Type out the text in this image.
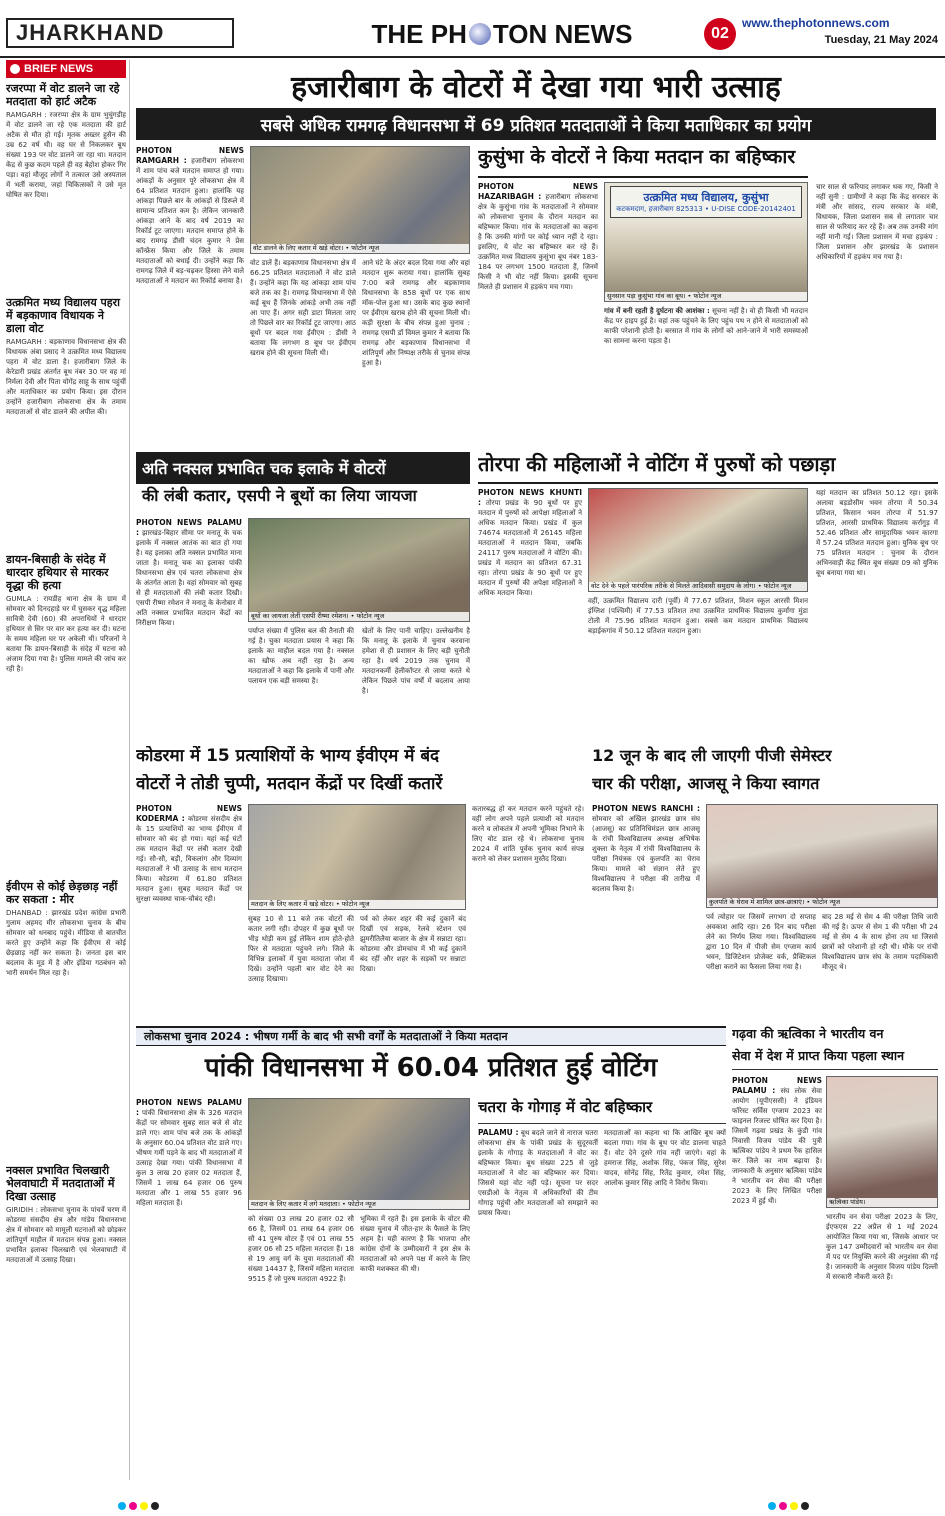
JHARKHAND	THE PH TON NEWS	02
www.thephotonnews.com
Tuesday, 21 May 2024
BRIEF NEWS
रजरप्पा में वोट डालने जा रहे मतदाता को हार्ट अटैक
RAMGARH : रजरप्पा क्षेत्र के ग्राम भुचुंगडीह में वोट डालने जा रहे एक मतदाता की हार्ट अटैक से मौत हो गई। मृतक अख्तर हुसैन की उम्र 62 वर्ष थी। वह घर से निकलकर बूथ संख्या 193 पर वोट डालने जा रहा था। मतदान केंद्र से कुछ कदम पहले ही वह बेहोश होकर गिर पड़ा। वहां मौजूद लोगों ने तत्काल उसे अस्पताल में भर्ती कराया, जहां चिकित्सकों ने उसे मृत घोषित कर दिया।
उत्क्रमित मध्य विद्यालय पहरा में बड़काणाव विधायक ने डाला वोट
RAMGARH : बड़काणाव विधानसभा क्षेत्र की विधायक अंबा प्रसाद ने उत्क्रमित मध्य विद्यालय पहरा में वोट डाला है। हजारीबाग जिले के केरेडारी प्रखंड अंतर्गत बूथ नंबर 30 पर वह मां निर्मला देवी और पिता योगेंद्र साहू के साथ पहुंचीं और मताधिकार का प्रयोग किया। इस दौरान उन्होंने हजारीबाग लोकसभा क्षेत्र के तमाम मतदाताओं से वोट डालने की अपील की।
डायन-बिसाही के संदेह में धारदार हथियार से मारकर वृद्धा की हत्या
GUMLA : रायडीह थाना क्षेत्र के ग्राम में सोमवार को दिनदहाड़े घर में घुसकर वृद्ध महिला सावित्री देवी (60) की अपराधियों ने धारदार हथियार से सिर पर वार कर हत्या कर दी। घटना के समय महिला घर पर अकेली थी। परिजनों ने बताया कि डायन-बिसाही के संदेह में घटना को अंजाम दिया गया है। पुलिस मामले की जांच कर रही है।
ईवीएम से कोई छेड़छाड़ नहीं कर सकता : मीर
DHANBAD : झारखंड प्रदेश कांग्रेस प्रभारी गुलाम अहमद मीर लोकसभा चुनाव के बीच सोमवार को धनबाद पहुंचे। मीडिया से बातचीत करते हुए उन्होंने कहा कि ईवीएम से कोई छेड़छाड़ नहीं कर सकता है। जनता इस बार बदलाव के मूड में है और इंडिया गठबंधन को भारी समर्थन मिल रहा है।
नक्सल प्रभावित चिलखारी भेलवाघाटी में मतदाताओं में दिखा उत्साह
GIRIDIH : लोकसभा चुनाव के पांचवें चरण में कोडरमा संसदीय क्षेत्र और गांडेय विधानसभा क्षेत्र में सोमवार को मामूली घटनाओं को छोड़कर शांतिपूर्ण माहौल में मतदान संपन्न हुआ। नक्सल प्रभावित इलाका चिलखारी एवं भेलवाघाटी में मतदाताओं में उत्साह दिखा।
हजारीबाग के वोटरों में देखा गया भारी उत्साह
सबसे अधिक रामगढ़ विधानसभा में 69 प्रतिशत मतदाताओं ने किया मताधिकार का प्रयोग
PHOTON NEWS RAMGARH : हजारीबाग लोकसभा में शाम पांच बजे मतदान समाप्त हो गया। आंकड़ों के अनुसार पूरे लोकसभा क्षेत्र में 64 प्रतिशत मतदान हुआ। हालांकि यह आंकड़ा पिछले बार के आंकड़ों से डिस्प्ले में सामान्य प्रतिशत कम है। लेकिन जानकारी आंकड़ा आने के बाद वर्ष 2019 का रिकॉर्ड टूट जाएगा। मतदान समाप्त होने के बाद रामगढ़ डीसी चंदन कुमार ने प्रेस कॉन्फ्रेंस किया और जिले के तमाम मतदाताओं को बधाई दी। उन्होंने कहा कि रामगढ़ जिले में बड़-चढ़कर हिस्सा लेने वाले मतदाताओं ने मतदान का रिकॉर्ड बनाया है।
वोट डालने के लिए कतार में खड़े वोटर। • फोटोन न्यूज
वोट डालें हैं। बड़काणाव विधानसभा क्षेत्र में 66.25 प्रतिशत मतदाताओं ने वोट डाले हैं। उन्होंने कहा कि यह आंकड़ा शाम पांच बजे तक का है। रामगढ़ विधानसभा में ऐसे कई बूथ हैं जिनके आंकड़े अभी तक नहीं आ पाए हैं। अगर सही डाटा मिलता जाए तो पिछले वार का रिकॉर्ड टूट जाएगा। आठ बूथों पर बदल गया ईवीएम : डीसी ने बताया कि लगभग 8 बूथ पर ईवीएम खराब होने की सूचना मिली थी।
आने घंटे के अंदर बदल दिया गया और वहां मतदान शुरू कराया गया। हालांकि सुबह 7:00 बजे रामगढ़ और बड़काणाव विधानसभा के 858 बूथों पर एक साथ मॉक-पोल हुआ था। उसके बाद कुछ स्थानों पर ईवीएम खराब होने की सूचना मिली थी। कड़ी सुरक्षा के बीच संपन्न हुआ चुनाव : रामगढ़ एसपी डॉ विमल कुमार ने बताया कि रामगढ़ और बड़काणाव विधानसभा में शांतिपूर्ण और निष्पक्ष तरीके से चुनाव संपन्न हुआ है।
कुसुंभा के वोटरों ने किया मतदान का बहिष्कार
PHOTON NEWS HAZARIBAGH : हजारीबाग लोकसभा क्षेत्र के कुसुंभा गांव के मतदाताओं ने सोमवार को लोकसभा चुनाव के दौरान मतदान का बहिष्कार किया। गांव के मतदाताओं का कहना है कि उनकी मांगों पर कोई ध्यान नहीं दे रहा। इसलिए, ये वोट का बहिष्कार कर रहे हैं। उत्क्रमित मध्य विद्यालय कुसुंभा बूथ नंबर 183-184 पर लगभग 1500 मतदाता हैं, जिनमें किसी ने भी वोट नहीं किया। इसकी सूचना मिलते ही प्रशासन में हड़कंप मच गया।
सुनसान पड़ा कुसुंभा गांव का बूथ। • फोटोन न्यूज
उत्क्रमित मध्य विद्यालय, कुसुंभा
कटकमदाग, हजारीबाग 825313 • U-DISE CODE-20142401
गांव में बनी रहती है दुर्घटना की आशंका : सूचना नहीं है। वो ही किसी भी मतदान केंद्र पर हाइप हुई है। वहां तक पहुंचने के लिए पहुंच पथ न होने से मतदाताओं को काफी परेशानी होती है। बरसात में गांव के लोगों को आने-जाने में भारी समस्याओं का सामना करना पड़ता है।
चार साल से फरियाद लगाकर थक गए, किसी ने नहीं सुनी : ग्रामीणों ने कहा कि केंद्र सरकार के मंत्री और सांसद, राज्य सरकार के मंत्री, विधायक, जिला प्रशासन सब से लगातार चार साल से फरियाद कर रहे हैं। अब तक उनकी मांग नहीं मानी गई। जिला प्रशासन में मचा हड़कंप : जिला प्रशासन और झारखंड के प्रशासन अधिकारियों में हड़कंप मच गया है।
अति नक्सल प्रभावित चक इलाके में वोटरों
की लंबी कतार, एसपी ने बूथों का लिया जायजा
PHOTON NEWS PALAMU : झारखंड-बिहार सीमा पर मनातू के चक इलाके में नक्सल आतंक का बात हो गया है। यह इलाका अति नक्सल प्रभावित माना जाता है। मनातू चक का इलाका पांकी विधानसभा क्षेत्र एवं चतरा लोकसभा क्षेत्र के अंतर्गत आता है। वहां सोमवार को सुबह से ही मतदाताओं की लंबी कतार दिखी। एसपी रीष्मा रमेशन ने मनातू के केनोबार में अति नक्सल प्रभावित मतदान केंद्रों का निरीक्षण किया।
बूथों का जायजा लेतीं एसपी रीष्मा रमेशन। • फोटोन न्यूज
पर्याप्त संख्या में पुलिस बल की तैनाती की गई है। चुका मतदाता प्रयास ने कहा कि इलाके का माहौल बदल गया है। नक्सल का खौफ अब नहीं रहा है। अन्य मतदाताओं ने कहा कि इलाके में पानी और पलायन एक बड़ी समस्या है।
खेतों के लिए पानी चाहिए। उल्लेखनीय है कि मनातू के इलाके में चुनाव करवाना हमेशा से ही प्रशासन के लिए बड़ी चुनौती रहा है। वर्ष 2019 तक चुनाव में मतदानकर्मी हेलीकॉप्टर से जाया करते थे लेकिन पिछले पांच वर्षों में बदलाव आया है।
तोरपा की महिलाओं ने वोटिंग में पुरुषों को पछाड़ा
PHOTON NEWS KHUNTI : तोरपा प्रखंड के 90 बूथों पर हुए मतदान में पुरुषों को आपेक्षा महिलाओं ने अधिक मतदान किया। प्रखंड में कुल 74674 मतदाताओं में 26145 महिला मतदाताओं ने मतदान किया, जबकि 24117 पुरुष मतदाताओं ने वोटिंग की। प्रखंड में मतदान का प्रतिशत 67.31 रहा। तोरपा प्रखंड के 90 बूथों पर हुए मतदान में पुरुषों की अपेक्षा महिलाओं ने अधिक मतदान किया।
वोट देने के पहले पारंपरिक तरीके से मिलते आदिवासी समुदाय के लोग। • फोटोन न्यूज
वहीं, उत्क्रमित विद्यालय दारी (पूर्वी) में 77.67 प्रतिशत, मिशन स्कूल आरसी मिशन इंग्लिश (पश्चिमी) में 77.53 प्रतिशत तथा उत्क्रमित प्राथमिक विद्यालय कुर्मांगा मुंडा टोली में 75.96 प्रतिशत मतदान हुआ। सबसे कम मतदान प्राथमिक विद्यालय बड़ाईकगांव में 50.12 प्रतिशत मतदान हुआ।
यहां मतदान का प्रतिशत 50.12 रहा। इसके अलावा बड़डोसीम भवन तोरपा में 50.34 प्रतिशत, किसान भवन तोरपा में 51.97 प्रतिशत, आरसी प्राथमिक विद्यालय कर्रागुड़ में 52.46 प्रतिशत और सामुदायिक भवन कारगा में 57.24 प्रतिशत मतदान हुआ। युनिक बूथ पर 75 प्रतिशत मतदान : चुनाव के दौरान अभिनवाड़ी केंद्र स्थित बूथ संख्या 09 को युनिक बूथ बनाया गया था।
कोडरमा में 15 प्रत्याशियों के भाग्य ईवीएम में बंद
वोटरों ने तोडी चुप्पी, मतदान केंद्रों पर दिखीं कतारें
PHOTON NEWS KODERMA : कोडरमा संसदीय क्षेत्र के 15 प्रत्याशियों का भाग्य ईवीएम में सोमवार को बंद हो गया। यहां कई घंटों तक मतदान केंद्रों पर लंबी कतार देखी गई। सौ-सौ, बड़ी, विकलांग और दिव्यांग मतदाताओं ने भी उत्साह के साथ मतदान किया। कोडरमा में 61.80 प्रतिशत मतदान हुआ। सुबह मतदान केंद्रों पर सुरक्षा व्यवस्था चाक-चौबंद रही।
मतदान के लिए कतार में खड़े वोटर। • फोटोन न्यूज
सुबह 10 से 11 बजे तक वोटरों की कतार लगी रही। दोपहर में कुछ बूथों पर भीड़ थोड़ी कम हुई लेकिन शाम होते-होते फिर से मतदाता पहुंचने लगे। जिले के विभिन्न इलाकों में युवा मतदाता जोश में दिखे। उन्होंने पहली बार वोट देने का उत्साह दिखाया।
पर्व को लेकर शहर की कई दुकानें बंद दिखीं एवं सड़क, रेलवे स्टेशन एवं झुमरीतिलैया बाजार के क्षेत्र में सन्नाटा रहा। कोडरमा और डोमचांच में भी कई दुकानें बंद रहीं और शहर के सड़कों पर सन्नाटा दिखा।
कतारबद्ध हो कर मतदान करने पहुंचते रहे। वहीं लोग अपने पहले प्रत्याशी को मतदान करने व लोकतंत्र में अपनी भूमिका निभाने के लिए वोट डाल रहे थे। लोकसभा चुनाव 2024 में शांति पूर्वक चुनाव कार्य संपन्न कराने को लेकर प्रशासन मुस्तैद दिखा।
12 जून के बाद ली जाएगी पीजी सेमेस्टर
चार की परीक्षा, आजसू ने किया स्वागत
PHOTON NEWS RANCHI : सोमवार को अखिल झारखंड छात्र संघ (आजसू) का प्रतिनिधिमंडल छात्र आजसू के रांची विश्वविद्यालय अध्यक्ष अभिषेक शुक्ला के नेतृत्व में रांची विश्वविद्यालय के परीक्षा नियंत्रक एवं कुलपति का घेराव किया। मामले को संज्ञान लेते हुए विश्वविद्यालय ने परीक्षा की तारीख में बदलाव किया है।
कुलपति के घेराव में शामिल छात्र-छात्राएं। • फोटोन न्यूज
पर्व त्योहार पर जिसमें लगभग दो सप्ताह अवकाश आदि रहा। 26 दिन बाद परीक्षा लेने का निर्णय लिया गया। विश्वविद्यालय द्वारा 10 दिन में पीजी सेम एग्जाम कार्य भवन, डिजिटेशन प्रोजेक्ट वर्क, प्रैक्टिकल परीक्षा कराने का फैसला लिया गया है।
बाद 28 मई से सेम 4 की परीक्षा तिथि जारी की गई है। ऊपर से सेम 1 की परीक्षा भी 24 मई से सेम 4 के साथ होना तय था जिससे छात्रों को परेशानी हो रही थी। मौके पर रांची विश्वविद्यालय छात्र संघ के तमाम पदाधिकारी मौजूद थे।
लोकसभा चुनाव 2024 : भीषण गर्मी के बाद भी सभी वर्गों के मतदाताओं ने किया मतदान
पांकी विधानसभा में 60.04 प्रतिशत हुई वोटिंग
PHOTON NEWS PALAMU : पांकी विधानसभा क्षेत्र के 326 मतदान केंद्रों पर सोमवार सुबह सात बजे से वोट डाले गए। शाम पांच बजे तक के आंकड़ों के अनुसार 60.04 प्रतिशत वोट डाले गए। भीषण गर्मी पड़ने के बाद भी मतदाताओं में उत्साह देखा गया। पांकी विधानसभा में कुल 3 लाख 20 हजार 02 मतदाता हैं, जिसमें 1 लाख 64 हजार 06 पुरुष मतदाता और 1 लाख 55 हजार 96 महिला मतदाता हैं।	मतदान के लिए कतार में लगे मतदाता। • फोटोन न्यूज
को संख्या 03 लाख 20 हजार 02 सौ 66 है, जिसमें 01 लाख 64 हजार 06 सौ 41 पुरुष वोटर हैं एवं 01 लाख 55 हजार 06 सौ 25 महिला मतदाता हैं। 18 से 19 आयु वर्ग के युवा मतदाताओं की संख्या 14437 है, जिसमें महिला मतदाता 9515 हैं जो पुरुष मतदाता 4922 हैं।
भूमिका में रहते हैं। इस इलाके के वोटर की संख्या चुनाव में जीत-हार के फैसले के लिए अहम है। यही कारण है कि भाजपा और कांग्रेस दोनों के उम्मीदवारों ने इस क्षेत्र के मतदाताओं को अपने पक्ष में करने के लिए काफी मशक्कत की थी।
चतरा के गोगाड़ में वोट बहिष्कार
PALAMU : बूथ बदले जाने से नाराज चतरा लोकसभा क्षेत्र के पांकी प्रखंड के सुदूरवर्ती इलाके के गोगाड़ के मतदाताओं ने वोट का बहिष्कार किया। बूथ संख्या 225 से जुड़े मतदाताओं ने वोट का बहिष्कार कर दिया। जिससे यहां वोट नहीं पड़े। सूचना पर सदर एसडीओ के नेतृत्व में अधिकारियों की टीम गोगाड़ पहुंची और मतदाताओं को समझाने का प्रयास किया।
मतदाताओं का कहना था कि आखिर बूथ क्यों बदला गया। गांव के बूथ पर वोट डालना चाहते हैं। वोट देने दूसरे गांव नहीं जाएंगे। वहां के हमराज सिंह, अशोक सिंह, पंकज सिंह, सुरेश यादव, सोनेंद्र सिंह, रितेंद्र कुमार, रमेश सिंह, आलोक कुमार सिंह आदि ने विरोध किया।
गढ़वा की ऋत्विका ने भारतीय वन
सेवा में देश में प्राप्त किया पहला स्थान
PHOTON NEWS PALAMU : संघ लोक सेवा आयोग (यूपीएससी) ने इंडियन फॉरेस्ट सर्विस एग्जाम 2023 का फाइनल रिजल्ट घोषित कर दिया है। जिसमें गढ़वा प्रखंड के कुंडी गांव निवासी विजय पांडेय की पुत्री ऋत्विका पांडेय ने प्रथम रैंक हासिल कर जिले का नाम बढ़ाया है। जानकारी के अनुसार ऋत्विका पांडेय ने भारतीय वन सेवा की परीक्षा 2023 के लिए लिखित परीक्षा 2023 में हुई थी।	ऋत्विका पांडेय।
भारतीय वन सेवा परीक्षा 2023 के लिए, ईएफएस 22 अप्रैल से 1 मई 2024 आयोजित किया गया था, जिसके आधार पर कुल 147 उम्मीदवारों को भारतीय वन सेवा में पद पर नियुक्ति करने की अनुशंसा की गई है। जानकारी के अनुसार विजय पांडेय दिल्ली में सरकारी नौकरी करते हैं।
